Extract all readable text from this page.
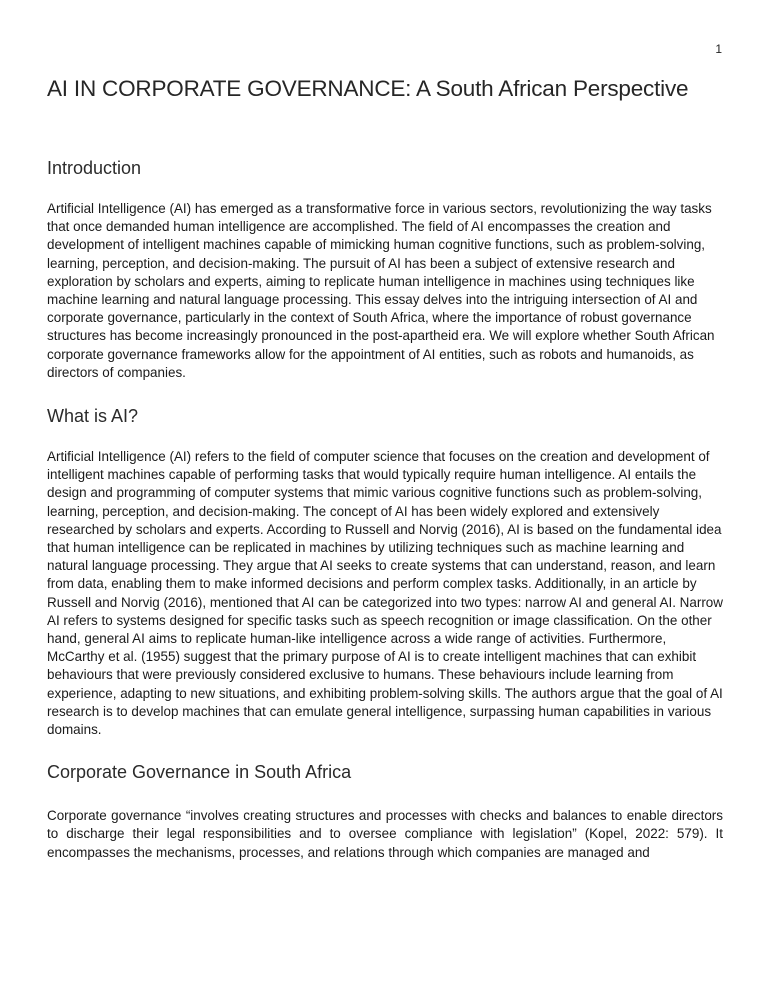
1
AI IN CORPORATE GOVERNANCE: A South African Perspective
Introduction

Artificial Intelligence (AI) has emerged as a transformative force in various sectors, revolutionizing the way tasks that once demanded human intelligence are accomplished. The field of AI encompasses the creation and development of intelligent machines capable of mimicking human cognitive functions, such as problem-solving, learning, perception, and decision-making. The pursuit of AI has been a subject of extensive research and exploration by scholars and experts, aiming to replicate human intelligence in machines using techniques like machine learning and natural language processing. This essay delves into the intriguing intersection of AI and corporate governance, particularly in the context of South Africa, where the importance of robust governance structures has become increasingly pronounced in the post-apartheid era. We will explore whether South African corporate governance frameworks allow for the appointment of AI entities, such as robots and humanoids, as directors of companies.

What is AI?

Artificial Intelligence (AI) refers to the field of computer science that focuses on the creation and development of intelligent machines capable of performing tasks that would typically require human intelligence. AI entails the design and programming of computer systems that mimic various cognitive functions such as problem-solving, learning, perception, and decision-making. The concept of AI has been widely explored and extensively researched by scholars and experts. According to Russell and Norvig (2016), AI is based on the fundamental idea that human intelligence can be replicated in machines by utilizing techniques such as machine learning and natural language processing. They argue that AI seeks to create systems that can understand, reason, and learn from data, enabling them to make informed decisions and perform complex tasks. Additionally, in an article by Russell and Norvig (2016), mentioned that AI can be categorized into two types: narrow AI and general AI. Narrow AI refers to systems designed for specific tasks such as speech recognition or image classification. On the other hand, general AI aims to replicate human-like intelligence across a wide range of activities. Furthermore, McCarthy et al. (1955) suggest that the primary purpose of AI is to create intelligent machines that can exhibit behaviours that were previously considered exclusive to humans. These behaviours include learning from experience, adapting to new situations, and exhibiting problem-solving skills. The authors argue that the goal of AI research is to develop machines that can emulate general intelligence, surpassing human capabilities in various domains.

Corporate Governance in South Africa

Corporate governance “involves creating structures and processes with checks and balances to enable directors to discharge their legal responsibilities and to oversee compliance with legislation” (Kopel, 2022: 579). It encompasses the mechanisms, processes, and relations through which companies are managed and
